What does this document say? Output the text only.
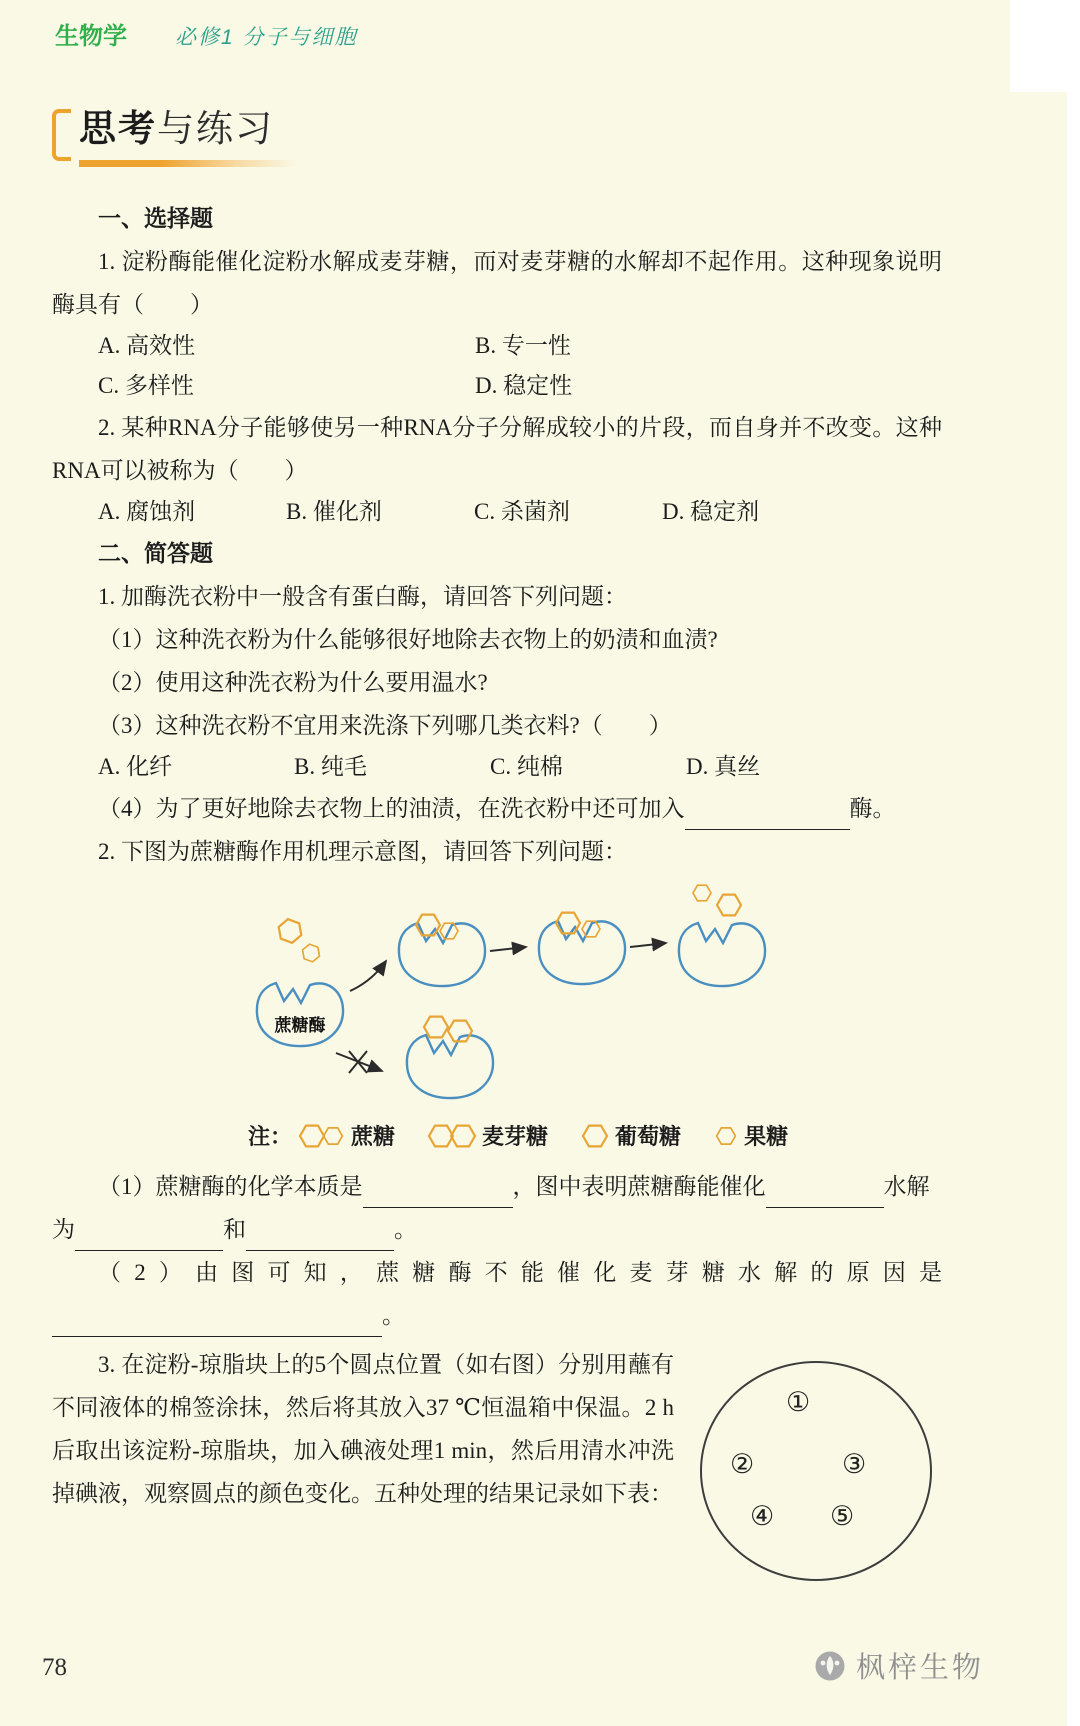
生物学 必修1 分子与细胞
思考与练习

一、选择题

1. 淀粉酶能催化淀粉水解成麦芽糖，而对麦芽糖的水解却不起作用。这种现象说明酶具有（　　）

A. 高效性	B. 专一性
C. 多样性	D. 稳定性

2. 某种RNA分子能够使另一种RNA分子分解成较小的片段，而自身并不改变。这种RNA可以被称为（　　）

A. 腐蚀剂	B. 催化剂	C. 杀菌剂	D. 稳定剂

二、简答题

1. 加酶洗衣粉中一般含有蛋白酶，请回答下列问题：

（1）这种洗衣粉为什么能够很好地除去衣物上的奶渍和血渍?

（2）使用这种洗衣粉为什么要用温水?

（3）这种洗衣粉不宜用来洗涤下列哪几类衣料?（　　）

A. 化纤	B. 纯毛	C. 纯棉	D. 真丝

（4）为了更好地除去衣物上的油渍，在洗衣粉中还可加入	酶。

2. 下图为蔗糖酶作用机理示意图，请回答下列问题：

蔗糖酶
注：	蔗糖	麦芽糖	葡萄糖	果糖

（1）蔗糖酶的化学本质是	，图中表明蔗糖酶能催化	水解

为	和	。

（2）由图可知，蔗糖酶不能催化麦芽糖水解的原因是。

①
②	③
④ ⑤

3. 在淀粉-琼脂块上的5个圆点位置（如右图）分别用蘸有不同液体的棉签涂抹，然后将其放入37 ℃恒温箱中保温。2 h后取出该淀粉-琼脂块，加入碘液处理1 min，然后用清水冲洗掉碘液，观察圆点的颜色变化。五种处理的结果记录如下表：

78	枫梓生物
